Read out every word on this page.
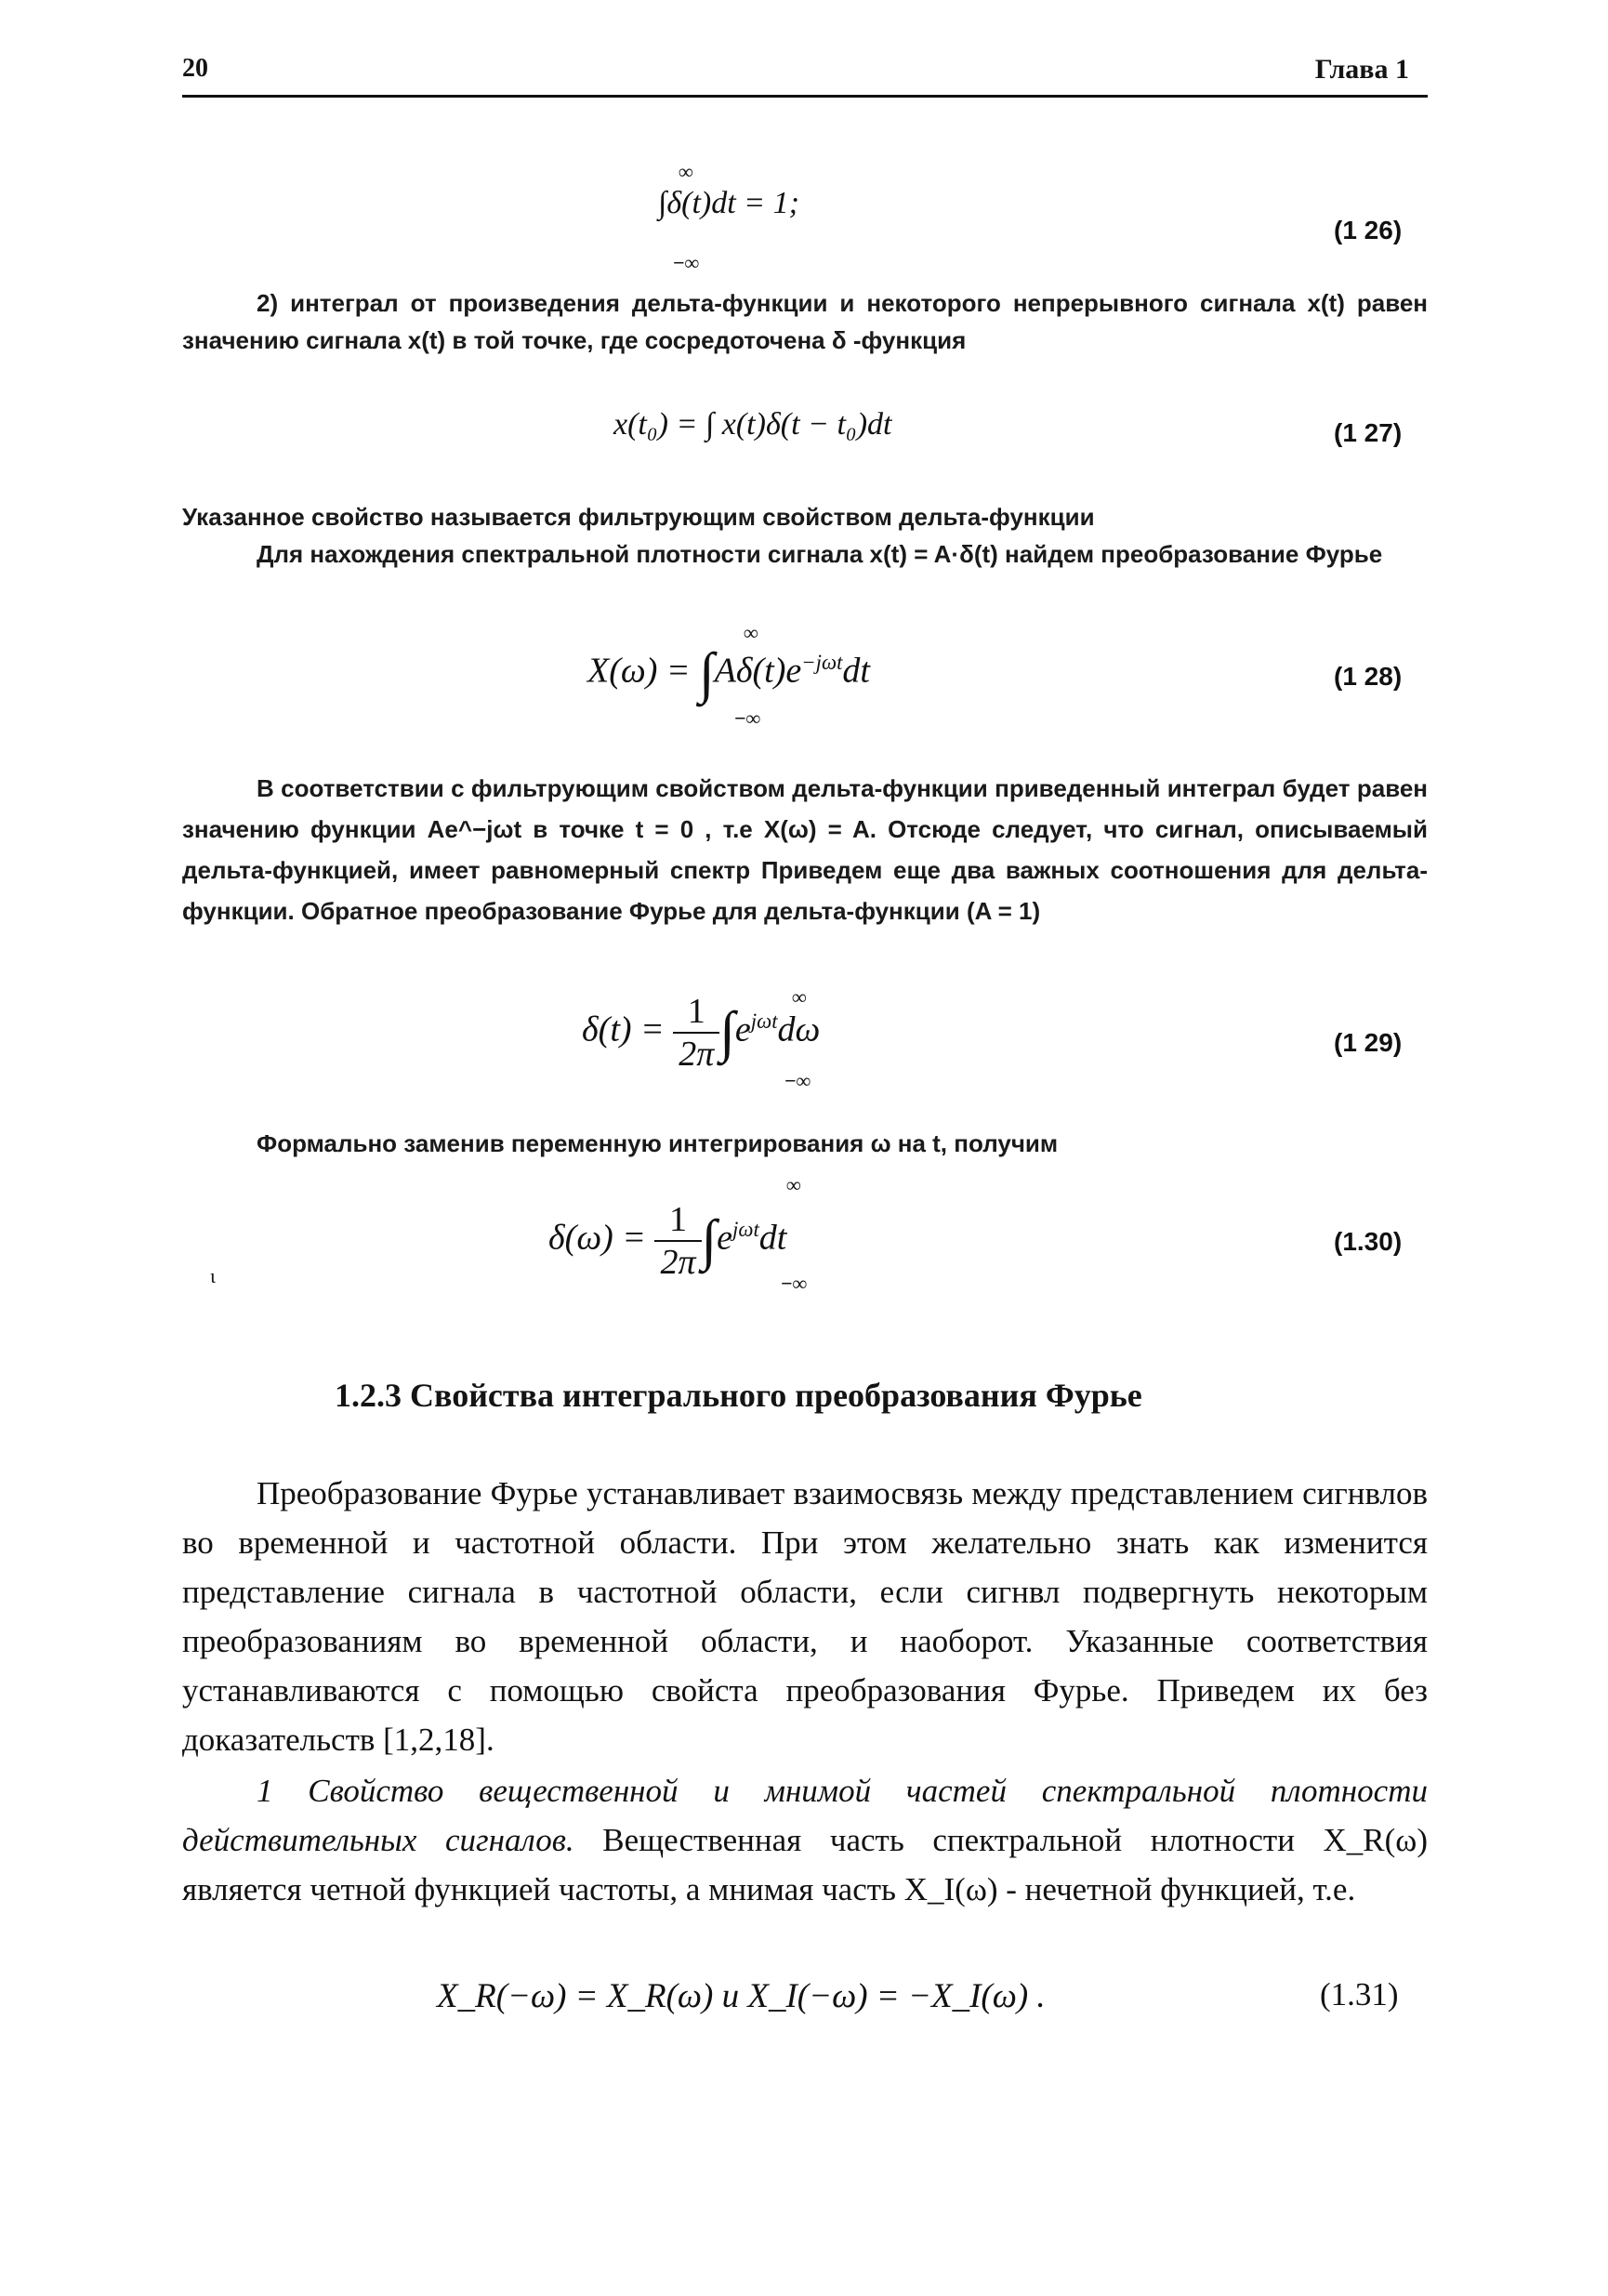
20	Глава 1
∫δ(t)dt = 1;
∞
−∞
(1 26)
2) интеграл от произведения дельта-функции и некоторого непрерывного сигнала x(t) равен значению сигнала x(t) в той точке, где сосредоточена δ -функция
x(t₀) = ∫ x(t)δ(t − t₀)dt	(1 27)
Указанное свойство называется фильтрующим свойством дельта-функции
Для нахождения спектральной плотности сигнала x(t) = A·δ(t) найдем преобразование Фурье
$X(\omega) = \int A\delta(t)e^{-j\omega t}dt$
∞
−∞
(1 28)
В соответствии с фильтрующим свойством дельта-функции приведенный интеграл будет равен значению функции Ae^−jωt в точке t = 0 , т.е X(ω) = A. Отсюде следует, что сигнал, описываемый дельта-функцией, имеет равномерный спектр Приведем еще два важных соотношения для дельта-функции. Обратное преобразование Фурье для дельта-функции (A = 1)
$\delta(t) = \frac{1}{2\pi} \int e^{j\omega t}d\omega$
∞
−∞
(1 29)
Формально заменив переменную интегрирования ω на t, получим
$\delta(\omega) = \frac{1}{2\pi} \int e^{j\omega t}dt$
∞
−∞
(1.30)
ι
1.2.3 Свойства интегрального преобразования Фурье
Преобразование Фурье устанавливает взаимосвязь между представлением сигнвлов во временной и частотной области. При этом желательно знать как изменится представление сигнала в частотной области, если сигнвл подвергнуть некоторым преобразованиям во временной области, и наоборот. Указанные соответствия устанавливаются с помощью свойста преобразования Фурье. Приведем их без доказательств [1,2,18].
1 Свойство вещественной и мнимой частей спектральной плотности действительных сигналов. Вещественная часть спектральной нлотности X_R(ω) является четной функцией частоты, а мнимая часть X_I(ω) - нечетной функцией, т.е.
X_R(−ω) = X_R(ω) и X_I(−ω) = −X_I(ω) .	(1.31)
